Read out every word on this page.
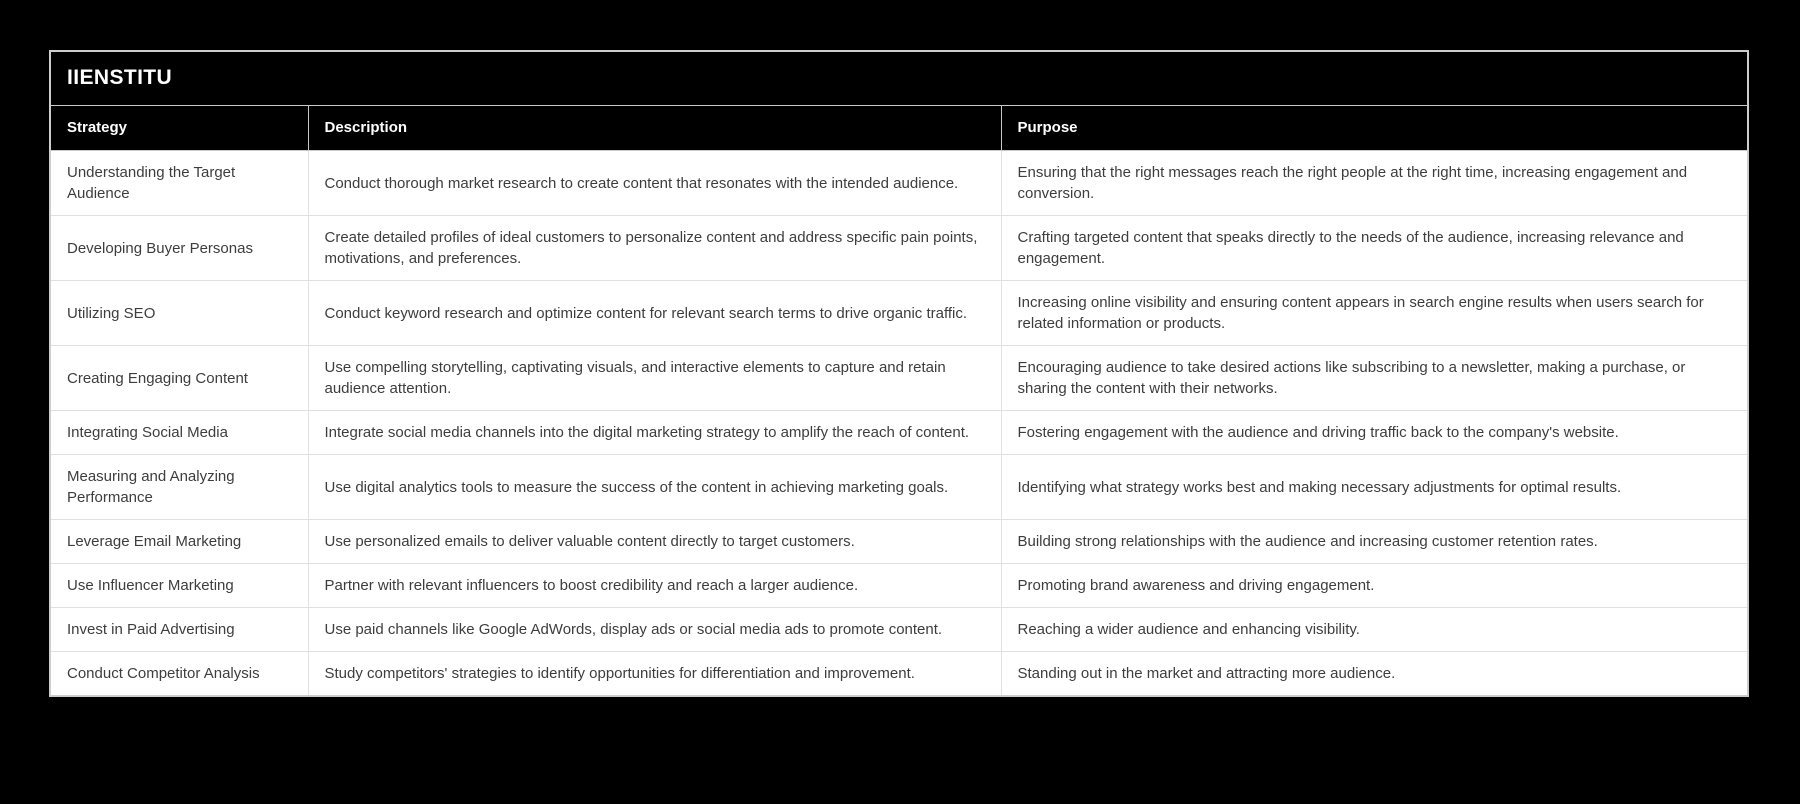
IIENSTITU
Strategy	Description	Purpose
Understanding the Target Audience	Conduct thorough market research to create content that resonates with the intended audience.	Ensuring that the right messages reach the right people at the right time, increasing engagement and conversion.
Developing Buyer Personas	Create detailed profiles of ideal customers to personalize content and address specific pain points, motivations, and preferences.	Crafting targeted content that speaks directly to the needs of the audience, increasing relevance and engagement.
Utilizing SEO	Conduct keyword research and optimize content for relevant search terms to drive organic traffic.	Increasing online visibility and ensuring content appears in search engine results when users search for related information or products.
Creating Engaging Content	Use compelling storytelling, captivating visuals, and interactive elements to capture and retain audience attention.	Encouraging audience to take desired actions like subscribing to a newsletter, making a purchase, or sharing the content with their networks.
Integrating Social Media	Integrate social media channels into the digital marketing strategy to amplify the reach of content.	Fostering engagement with the audience and driving traffic back to the company's website.
Measuring and Analyzing Performance	Use digital analytics tools to measure the success of the content in achieving marketing goals.	Identifying what strategy works best and making necessary adjustments for optimal results.
Leverage Email Marketing	Use personalized emails to deliver valuable content directly to target customers.	Building strong relationships with the audience and increasing customer retention rates.
Use Influencer Marketing	Partner with relevant influencers to boost credibility and reach a larger audience.	Promoting brand awareness and driving engagement.
Invest in Paid Advertising	Use paid channels like Google AdWords, display ads or social media ads to promote content.	Reaching a wider audience and enhancing visibility.
Conduct Competitor Analysis	Study competitors' strategies to identify opportunities for differentiation and improvement.	Standing out in the market and attracting more audience.
